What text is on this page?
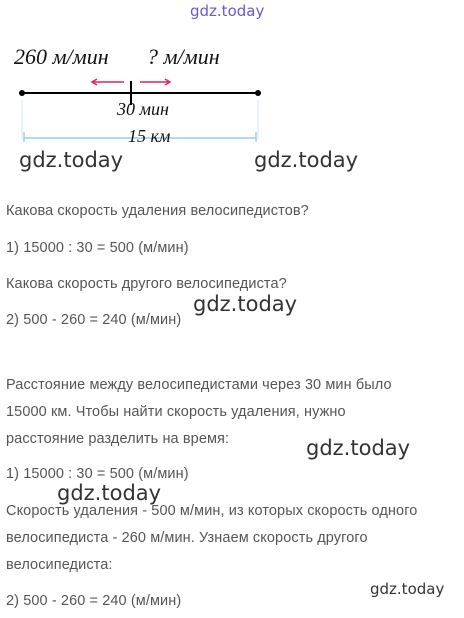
gdz.today
260 м/мин ? м/мин
30 мин
15 км
gdz.today	gdz.today
Какова скорость удаления велосипедистов?
1) 15000 : 30 = 500 (м/мин)
Какова скорость другого велосипедиста?
gdz.today
2) 500 - 260 = 240 (м/мин)
Расстояние между велосипедистами через 30 мин было
15000 км. Чтобы найти скорость удаления, нужно
расстояние разделить на время:	gdz.today
1) 15000 : 30 = 500 (м/мин)
gdz.today
Скорость удаления - 500 м/мин, из которых скорость одного
велосипедиста - 260 м/мин. Узнаем скорость другого
велосипедиста:
gdz.today
2) 500 - 260 = 240 (м/мин)
